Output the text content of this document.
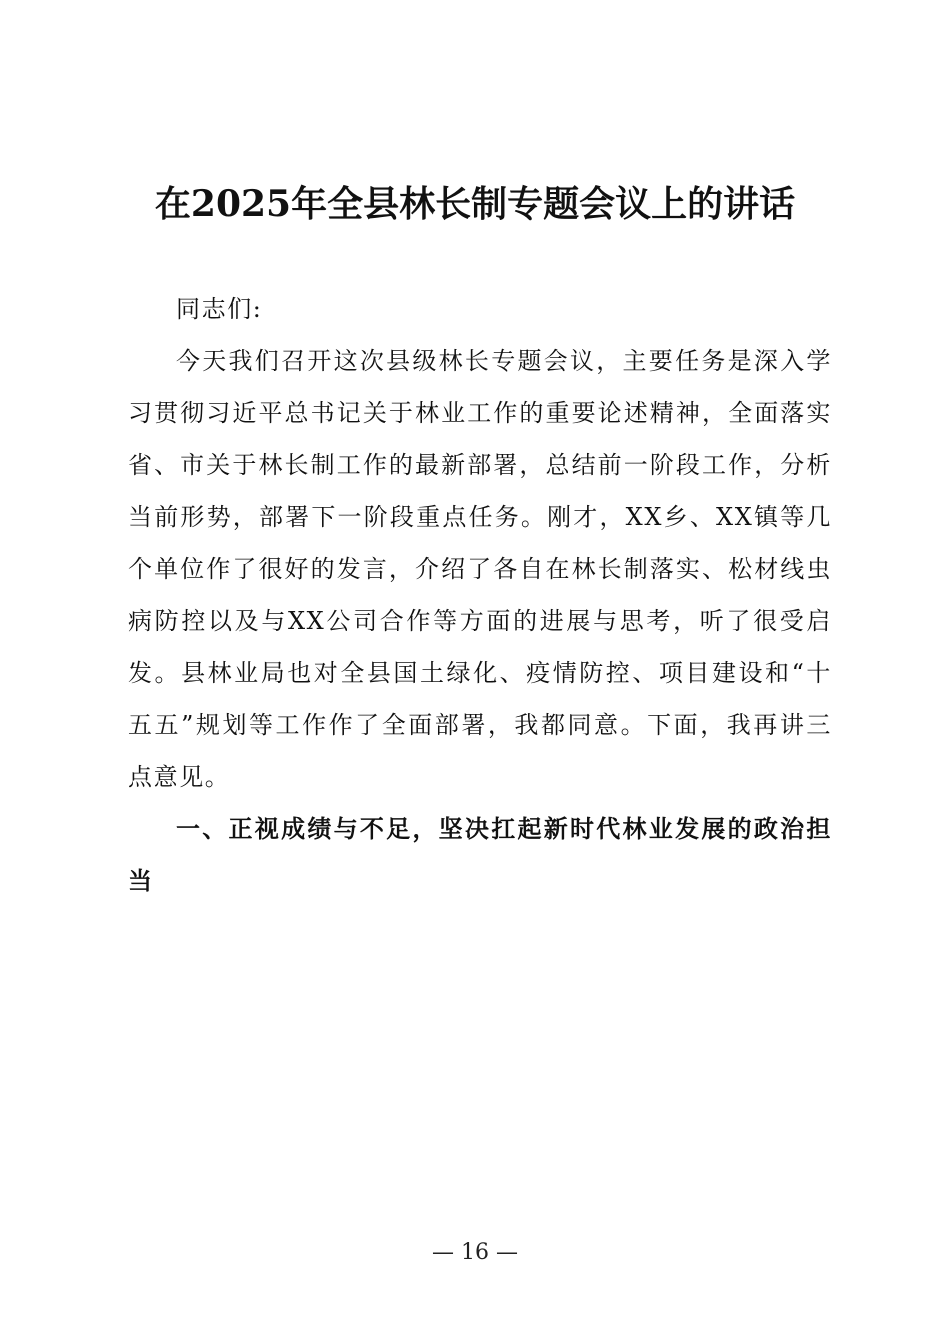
在2025年全县林长制专题会议上的讲话

同志们:

今天我们召开这次县级林长专题会议，主要任务是深入学习贯彻习近平总书记关于林业工作的重要论述精神，全面落实省、市关于林长制工作的最新部署，总结前一阶段工作，分析当前形势，部署下一阶段重点任务。刚才，XX乡、XX镇等几个单位作了很好的发言，介绍了各自在林长制落实、松材线虫病防控以及与XX公司合作等方面的进展与思考，听了很受启发。县林业局也对全县国土绿化、疫情防控、项目建设和“十五五”规划等工作作了全面部署，我都同意。下面，我再讲三点意见。

一、正视成绩与不足，坚决扛起新时代林业发展的政治担当

— 16 —
